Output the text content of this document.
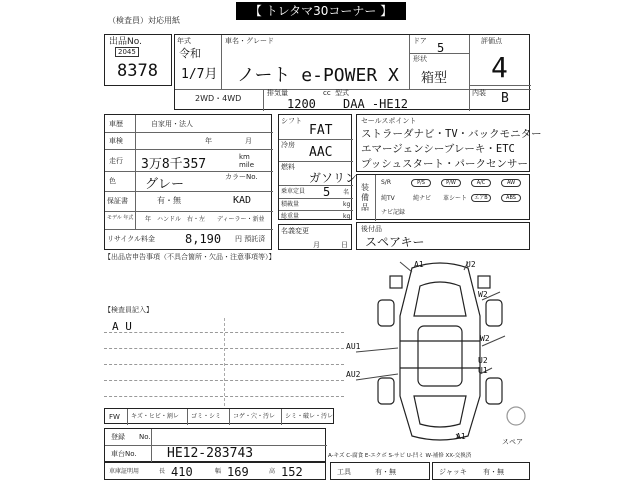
【 トレタマ30コーナー 】
（検査員）対応用紙
出品No.
2045
8378
年式
令和
1/7月
車名・グレード
ノート e-POWER X
ドア 5
形状
箱型
評価点
4
内装 B
2WD・4WD
排気量	cc
1200
型式
DAA -HE12
車歴	自家用・法人
車検	年	月
走行 3万8千357	km
mile
色 グレー	カラーNo.
KAD
保証書	有・無
モデル 年式 年　ハンドル　右・左 ディーラー・新並
リサイクル料金 8,190 円 預託済
シフト
FAT
冷房 AAC
燃料
ガソリン
乗車定員 5 名
積載量	kg
総重量	kg
名義変更
月	日
セールスポイント
ストラーダナビ・TV・バックモニター
エマージェンシーブレーキ・ETC
プッシュスタート・パークセンサー
装備品
S/R	P/S	P/W	A/C	AW
純TV	純ナビ 革シート	エアB	ABS
ナビ記録
後付品
スペアキー
【出品店申告事項（不具合箇所・欠品・注意事項等）】
【検査員記入】
A U
A1	U2
W2
W2
U2
U1
AU1
AU2
A1
スペア
FW キズ・ヒビ・割レ ゴミ・シミ コゲ・穴・汚レ シミ・破レ・汚レ
登録 No.
車台No. HE12-283743
車庫証明用	長 410	幅 169	高 152
A-キズ C-腐食 E-エクボ S-サビ U-凹ミ W-補修 XX-交換済
工具	有・無	ジャッキ 有・無
